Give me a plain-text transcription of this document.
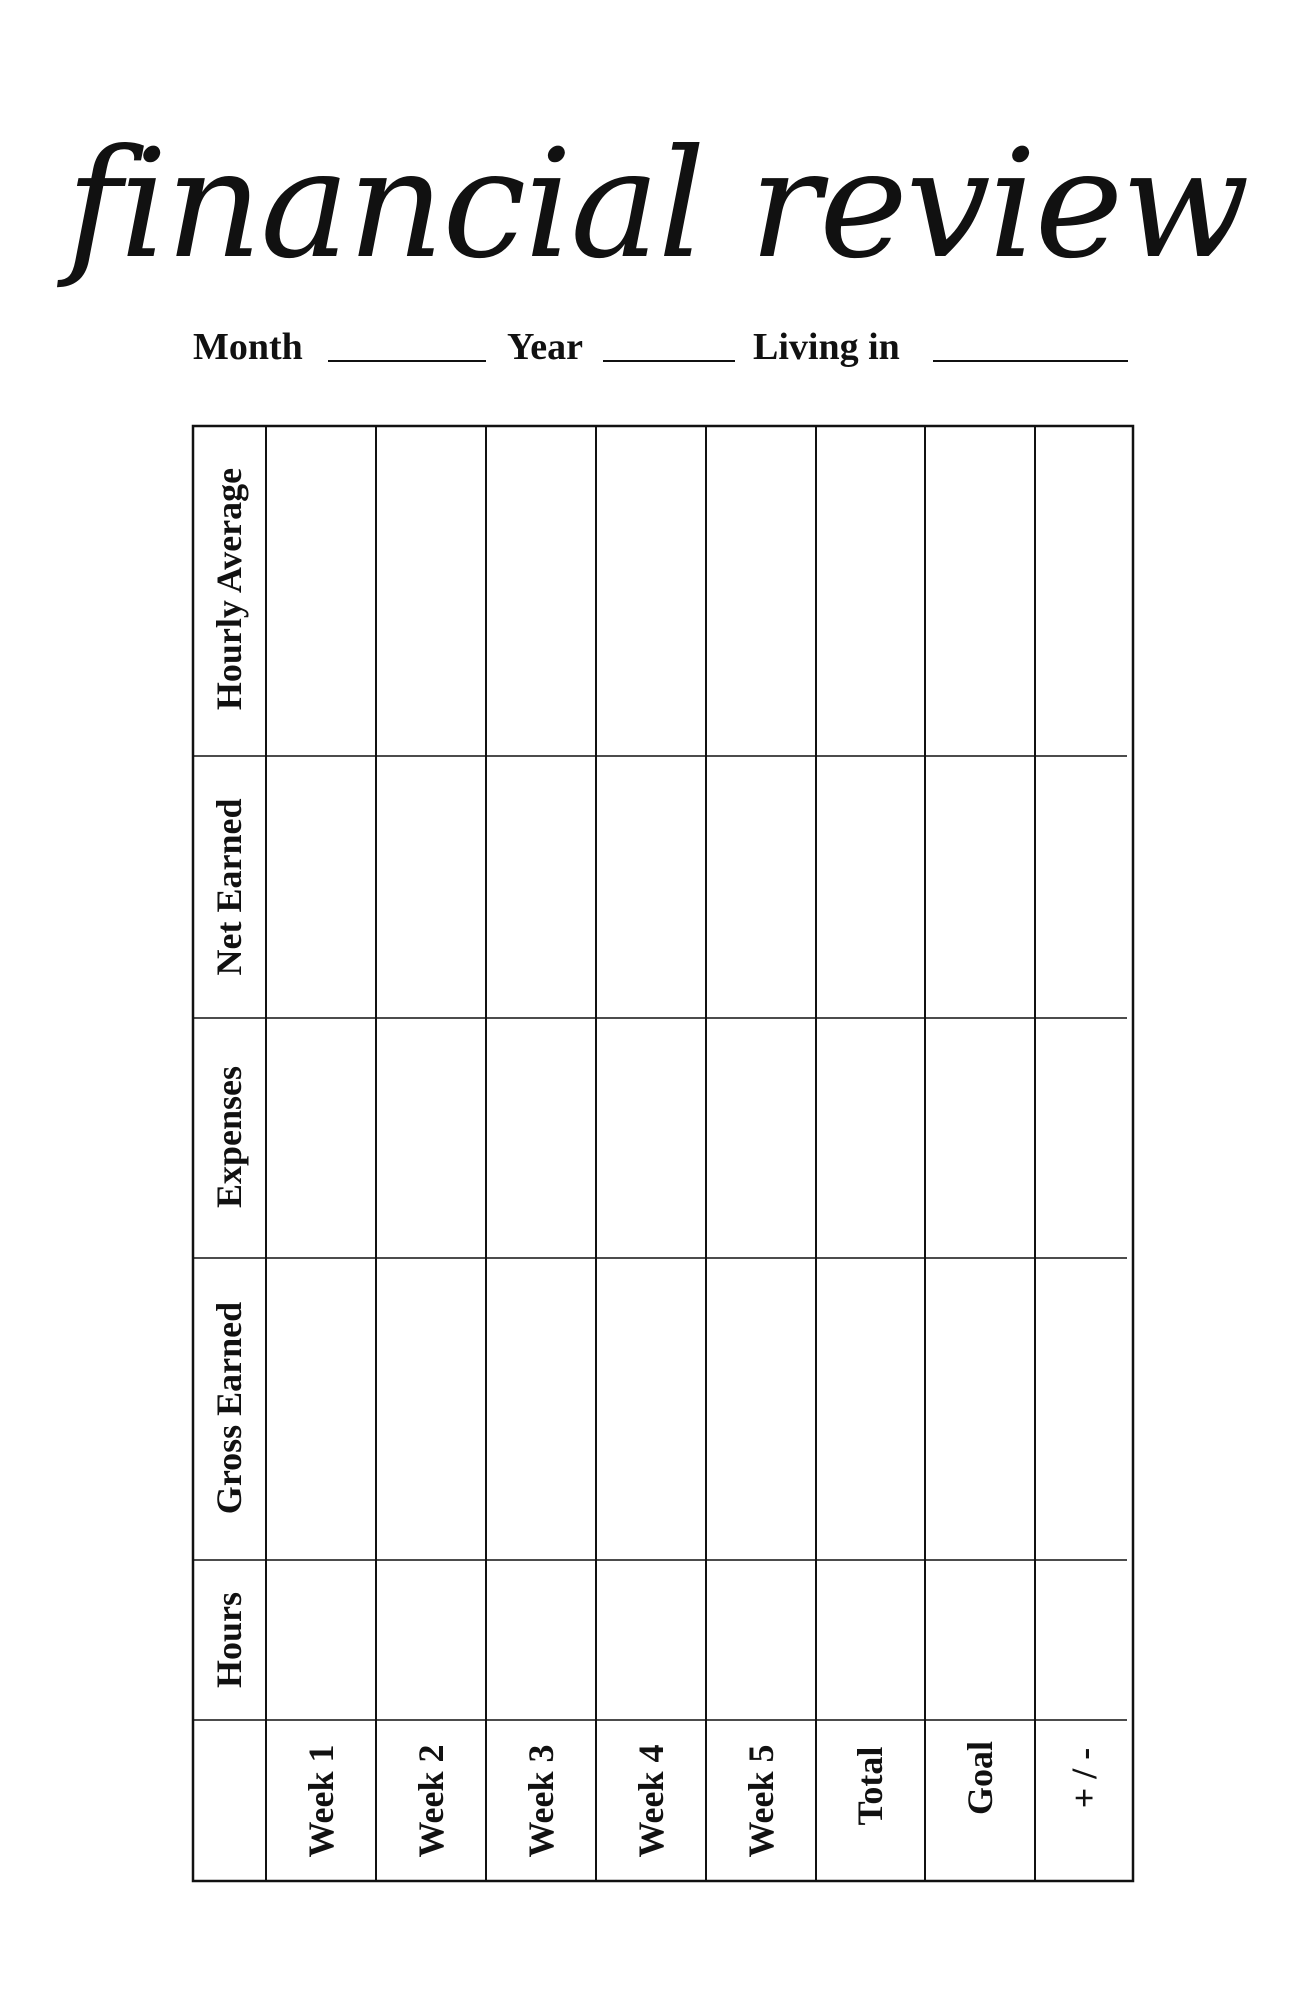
financial review
Month	Year	Living in
Hourly Average
Net Earned
Expenses
Gross Earned
Hours
Week 1 Week 2 Week 3 Week 4 Week 5 Total Goal + / -
